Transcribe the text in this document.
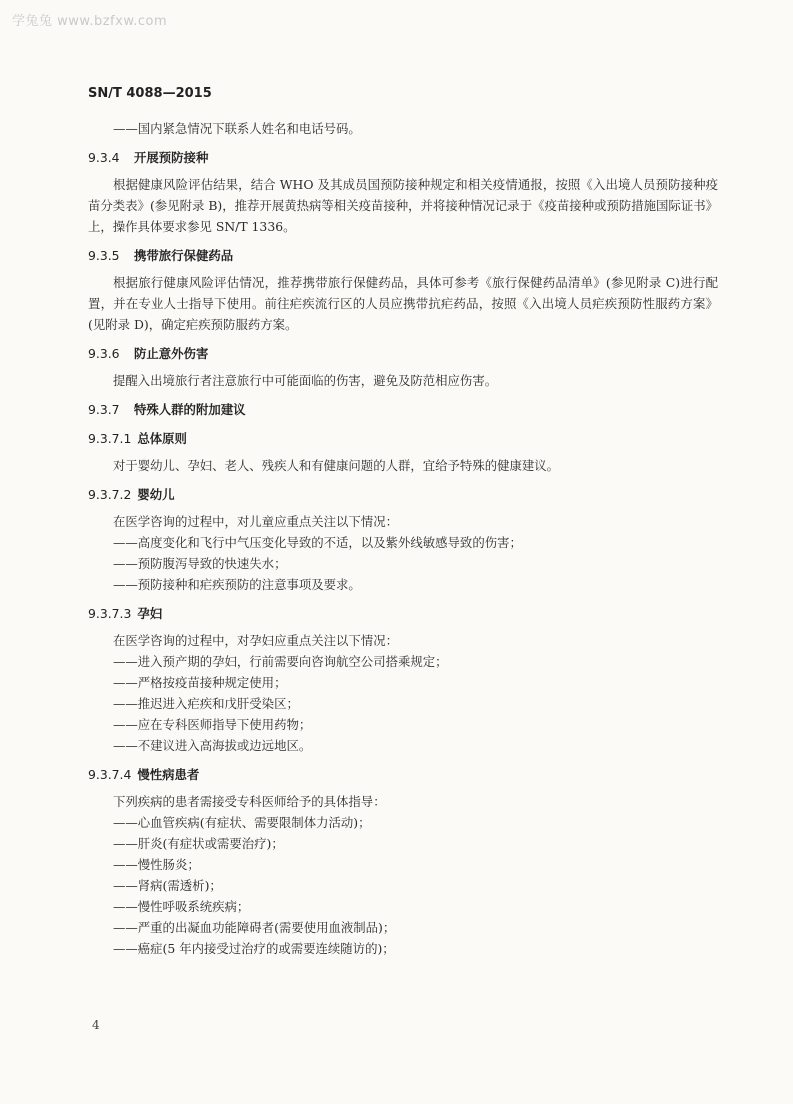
学兔兔 www.bzfxw.com
SN/T 4088—2015

——国内紧急情况下联系人姓名和电话号码。

9.3.4 开展预防接种

根据健康风险评估结果，结合 WHO 及其成员国预防接种规定和相关疫情通报，按照《入出境人员预防接种疫苗分类表》(参见附录 B)，推荐开展黄热病等相关疫苗接种，并将接种情况记录于《疫苗接种或预防措施国际证书》上，操作具体要求参见 SN/T 1336。

9.3.5 携带旅行保健药品

根据旅行健康风险评估情况，推荐携带旅行保健药品，具体可参考《旅行保健药品清单》(参见附录 C)进行配置，并在专业人士指导下使用。前往疟疾流行区的人员应携带抗疟药品，按照《入出境人员疟疾预防性服药方案》(见附录 D)，确定疟疾预防服药方案。

9.3.6 防止意外伤害

提醒入出境旅行者注意旅行中可能面临的伤害，避免及防范相应伤害。

9.3.7 特殊人群的附加建议
9.3.7.1 总体原则

对于婴幼儿、孕妇、老人、残疾人和有健康问题的人群，宜给予特殊的健康建议。

9.3.7.2 婴幼儿

在医学咨询的过程中，对儿童应重点关注以下情况：

——高度变化和飞行中气压变化导致的不适，以及紫外线敏感导致的伤害；

——预防腹泻导致的快速失水；

——预防接种和疟疾预防的注意事项及要求。

9.3.7.3 孕妇

在医学咨询的过程中，对孕妇应重点关注以下情况：

——进入预产期的孕妇，行前需要向咨询航空公司搭乘规定；

——严格按疫苗接种规定使用；

——推迟进入疟疾和戊肝受染区；

——应在专科医师指导下使用药物；

——不建议进入高海拔或边远地区。

9.3.7.4 慢性病患者

下列疾病的患者需接受专科医师给予的具体指导：

——心血管疾病(有症状、需要限制体力活动)；

——肝炎(有症状或需要治疗)；

——慢性肠炎；

——肾病(需透析)；

——慢性呼吸系统疾病；

——严重的出凝血功能障碍者(需要使用血液制品)；

——癌症(5 年内接受过治疗的或需要连续随访的)；

4
